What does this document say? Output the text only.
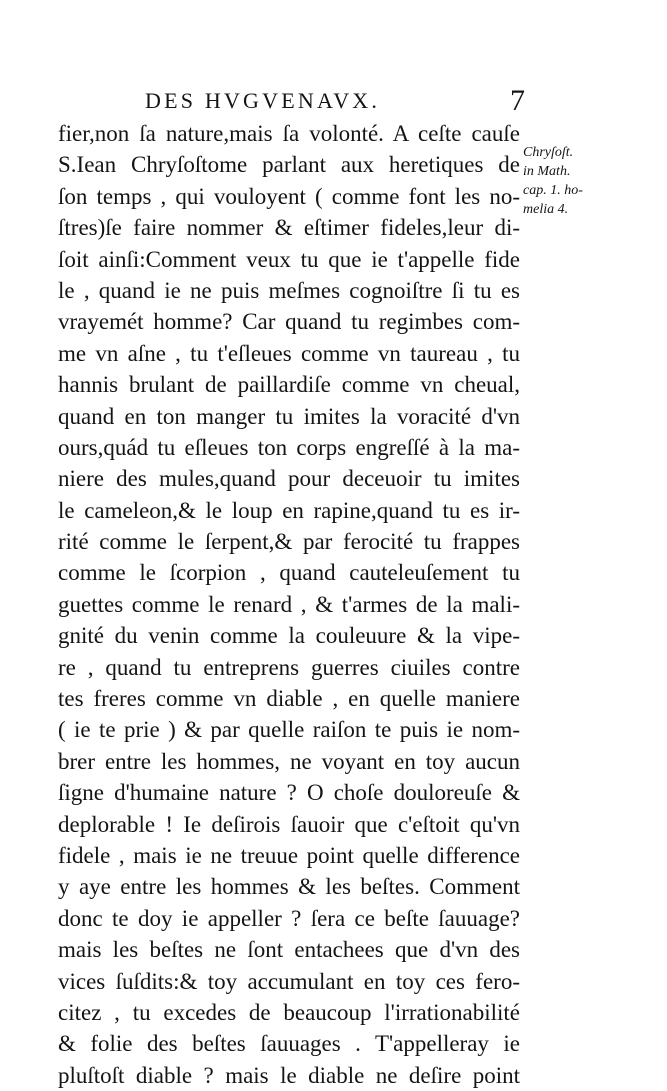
DES HVGVENAVX.	7
fier,non ſa nature,mais ſa volonté. A ceſte cauſe
S.Iean Chryſoſtome parlant aux heretiques de
ſon temps , qui vouloyent ( comme font les no-
ſtres)ſe faire nommer & eſtimer fideles,leur di-
ſoit ainſi:Comment veux tu que ie t'appelle fide
le , quand ie ne puis meſmes cognoiſtre ſi tu es
vrayemét homme? Car quand tu regimbes com-
me vn aſne , tu t'eſleues comme vn taureau , tu
hannis brulant de paillardiſe comme vn cheual,
quand en ton manger tu imites la voracité d'vn
ours,quád tu eſleues ton corps engreſſé à la ma-
niere des mules,quand pour deceuoir tu imites
le cameleon,& le loup en rapine,quand tu es ir-
rité comme le ſerpent,& par ferocité tu frappes
comme le ſcorpion , quand cauteleuſement tu
guettes comme le renard , & t'armes de la mali-
gnité du venin comme la couleuure & la vipe-
re , quand tu entreprens guerres ciuiles contre
tes freres comme vn diable , en quelle maniere
( ie te prie ) & par quelle raiſon te puis ie nom-
brer entre les hommes, ne voyant en toy aucun
ſigne d'humaine nature ? O choſe douloreuſe &
deplorable ! Ie deſirois ſauoir que c'eſtoit qu'vn
fidele , mais ie ne treuue point quelle difference
y aye entre les hommes & les beſtes. Comment
donc te doy ie appeller ? ſera ce beſte ſauuage?
mais les beſtes ne ſont entachees que d'vn des
vices ſuſdits:& toy accumulant en toy ces fero-
citez , tu excedes de beaucoup l'irrationabilité
& folie des beſtes ſauuages . T'appelleray ie
pluſtoſt diable ? mais le diable ne deſire point
Chryſoſt.
in Math.
cap. 1. ho-
melia 4.
